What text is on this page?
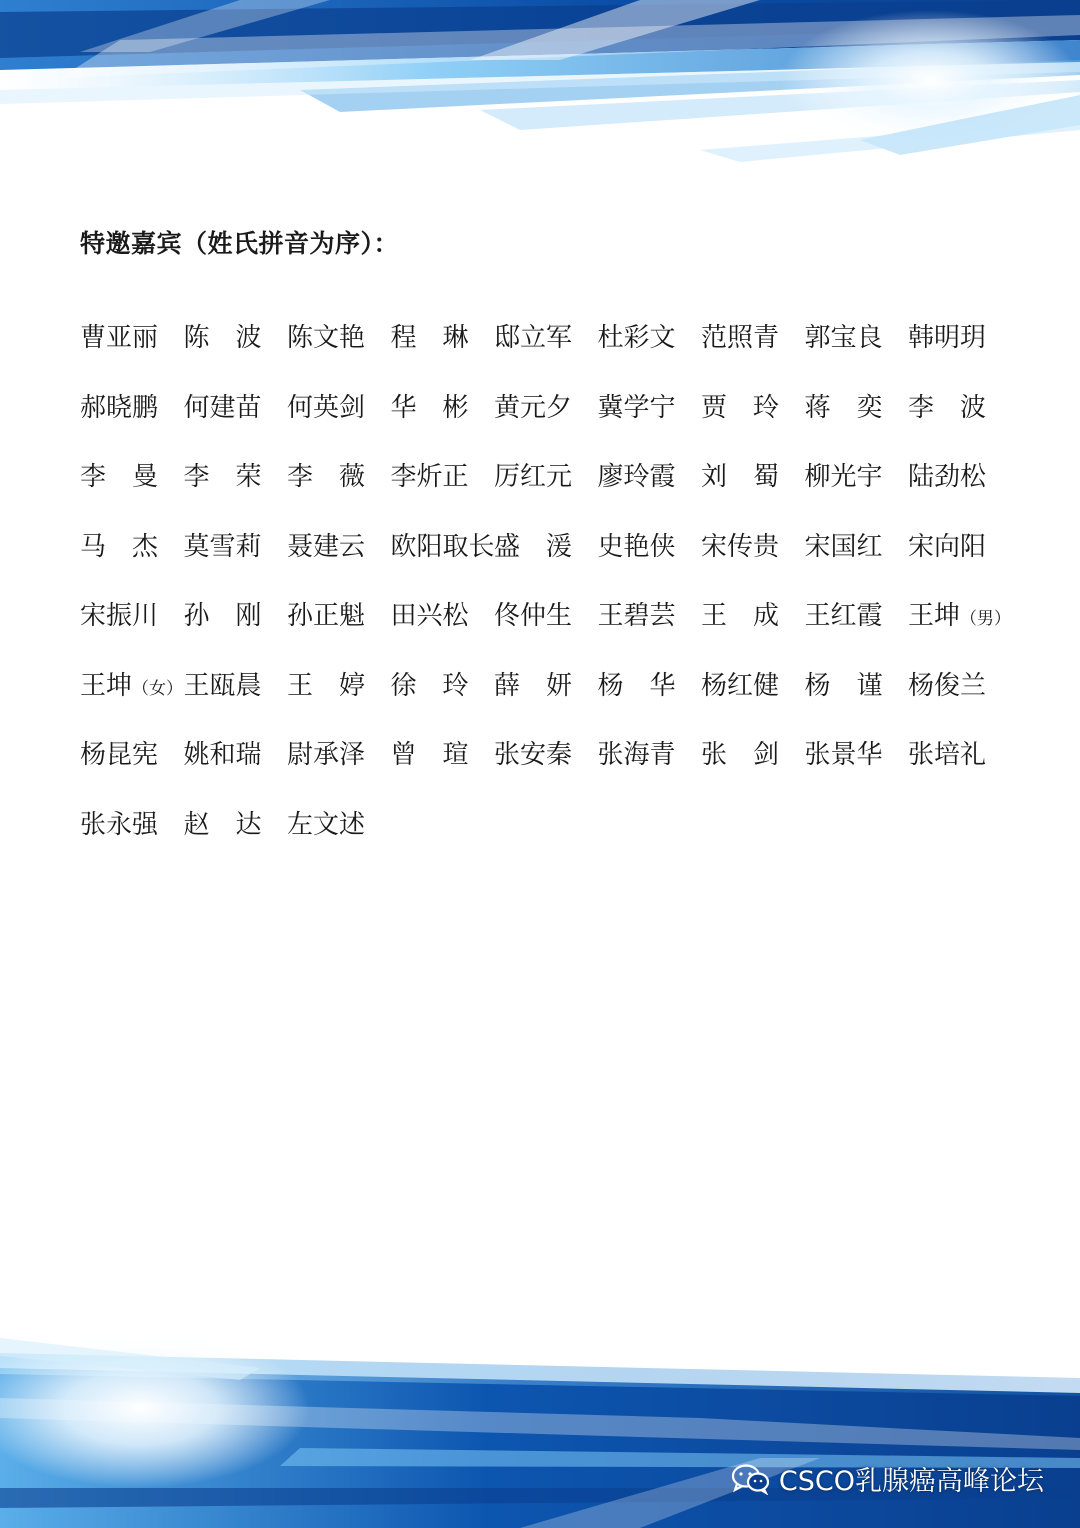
特邀嘉宾（姓氏拼音为序）：
曹亚丽 陈　波 陈文艳 程　琳 邸立军 杜彩文 范照青 郭宝良 韩明玥
郝晓鹏 何建苗 何英剑 华　彬 黄元夕 冀学宁 贾　玲 蒋　奕 李　波
李　曼 李　荣 李　薇 李炘正 厉红元 廖玲霞 刘　蜀 柳光宇 陆劲松
马　杰 莫雪莉 聂建云 欧阳取长 盛　湲 史艳侠 宋传贵 宋国红 宋向阳
宋振川 孙　刚 孙正魁 田兴松 佟仲生 王碧芸 王　成 王红霞 王坤（男）
王坤（女） 王瓯晨 王　婷 徐　玲 薛　妍 杨　华 杨红健 杨　谨 杨俊兰
杨昆宪 姚和瑞 尉承泽 曾　瑄 张安秦 张海青 张　剑 张景华 张培礼
张永强 赵　达 左文述
CSCO乳腺癌高峰论坛
